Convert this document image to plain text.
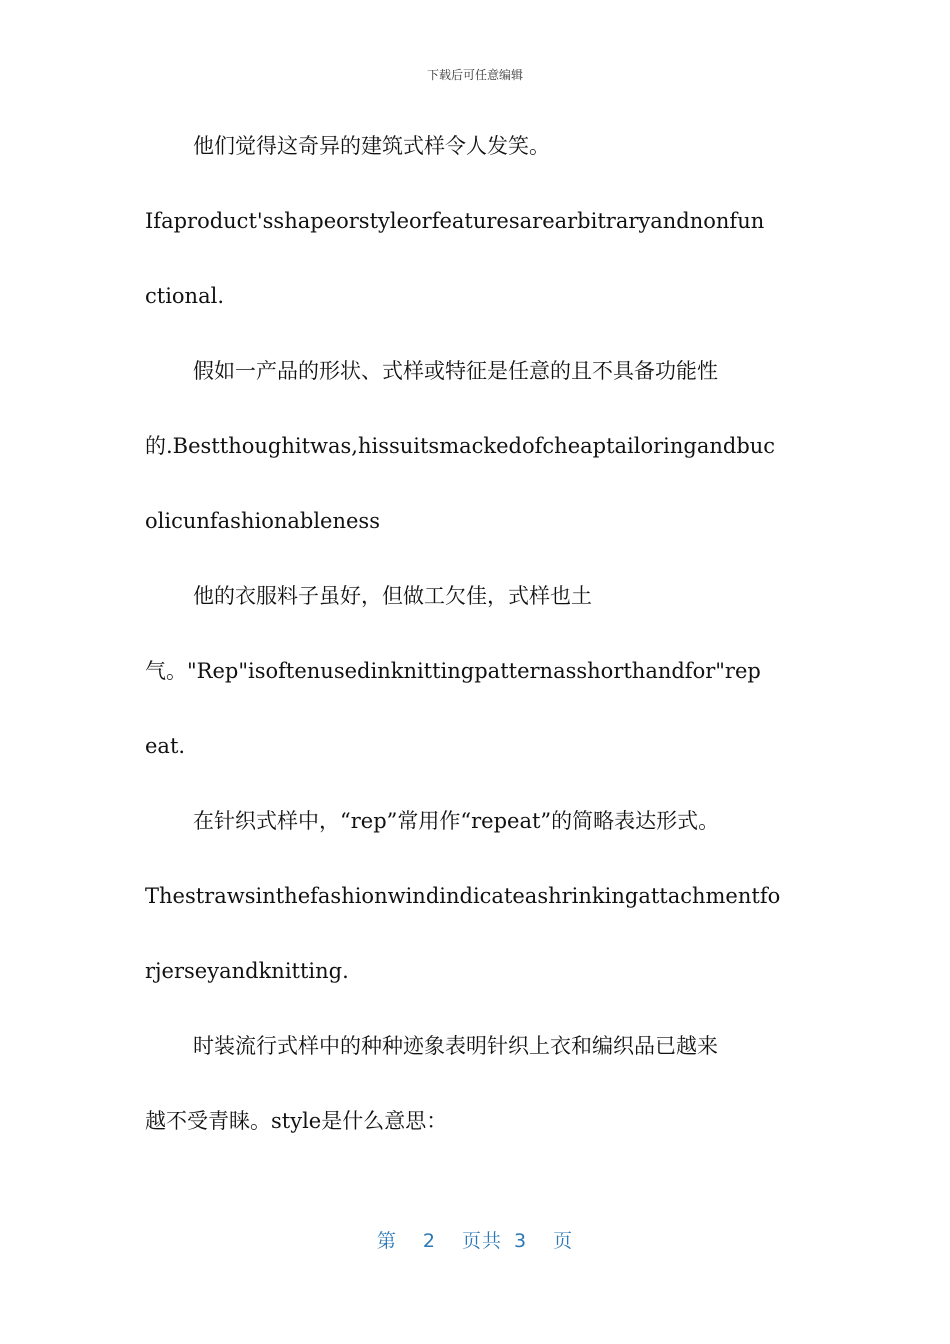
下载后可任意编辑
他们觉得这奇异的建筑式样令人发笑。
Ifaproduct'sshapeorstyleorfeaturesarearbitraryandnonfun
ctional.
假如一产品的形状、式样或特征是任意的且不具备功能性
的.Bestthoughitwas,hissuitsmackedofcheaptailoringandbuc
olicunfashionableness
他的衣服料子虽好，但做工欠佳，式样也土
气。"Rep"isoftenusedinknittingpatternasshorthandfor"rep
eat.
在针织式样中，“rep”常用作“repeat”的简略表达形式。
Thestrawsinthefashionwindindicateashrinkingattachmentfo
rjerseyandknitting.
时装流行式样中的种种迹象表明针织上衣和编织品已越来
越不受青睐。style是什么意思：
第 2 页共 3 页
